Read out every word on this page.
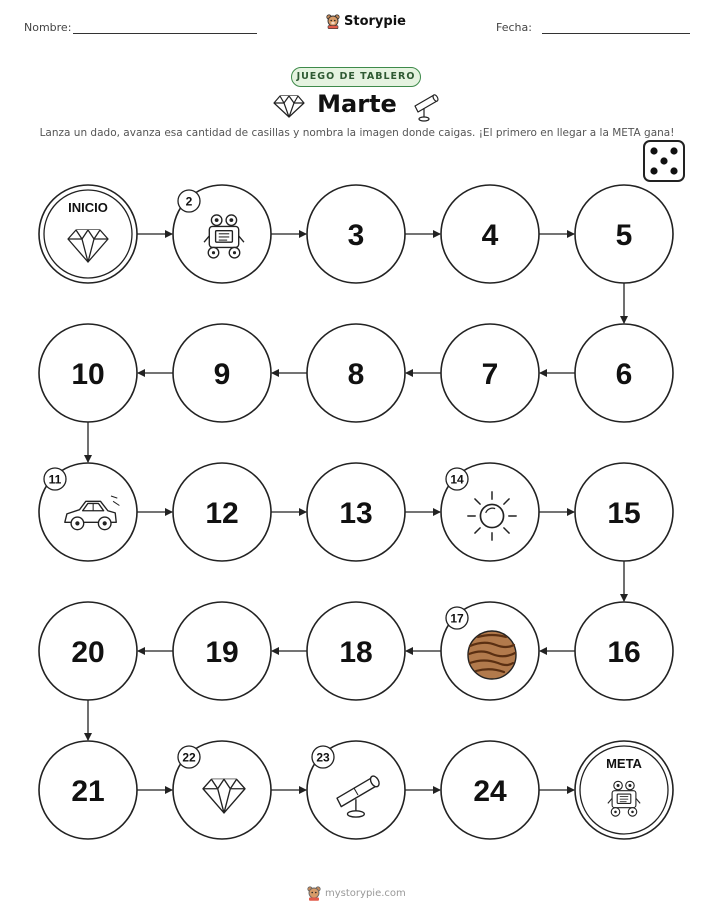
Nombre:	Storypie	Fecha:
JUEGO DE TABLERO
Marte
Lanza un dado, avanza esa cantidad de casillas y nombra la imagen donde caigas. ¡El primero en llegar a la META gana!
INICIO	2
3	4	5
6
7
8
9
10
11
12	13
14
15
16
17
18
19
20
21
22	23
24
META
mystorypie.com
